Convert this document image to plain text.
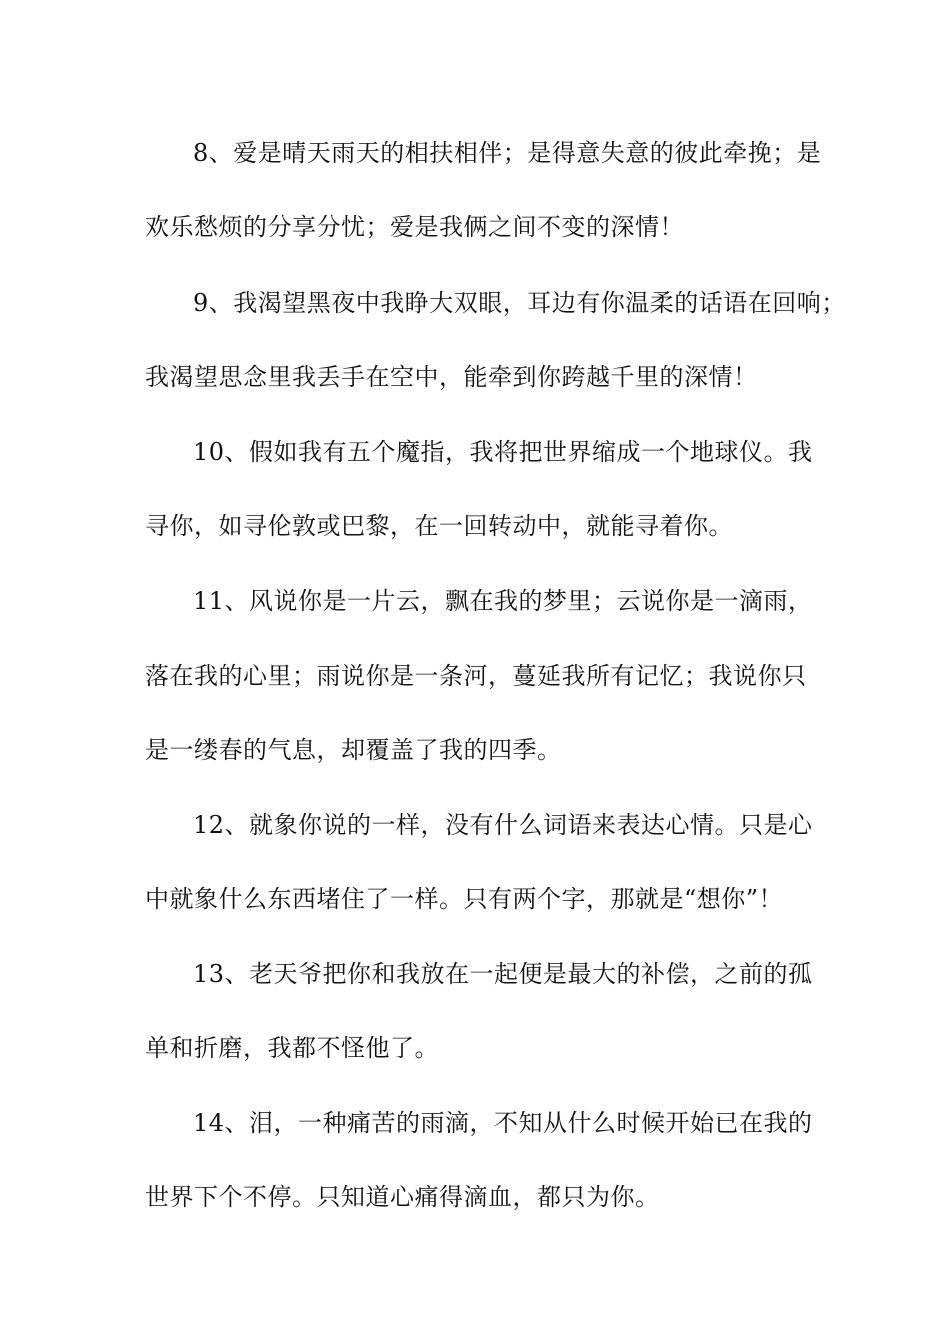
8、爱是晴天雨天的相扶相伴；是得意失意的彼此牵挽；是
欢乐愁烦的分享分忧；爱是我俩之间不变的深情！
9、我渴望黑夜中我睁大双眼，耳边有你温柔的话语在回响；
我渴望思念里我丢手在空中，能牵到你跨越千里的深情！
10、假如我有五个魔指，我将把世界缩成一个地球仪。我
寻你，如寻伦敦或巴黎，在一回转动中，就能寻着你。
11、风说你是一片云，飘在我的梦里；云说你是一滴雨，
落在我的心里；雨说你是一条河，蔓延我所有记忆；我说你只
是一缕春的气息，却覆盖了我的四季。
12、就象你说的一样，没有什么词语来表达心情。只是心
中就象什么东西堵住了一样。只有两个字，那就是“想你”！
13、老天爷把你和我放在一起便是最大的补偿，之前的孤
单和折磨，我都不怪他了。
14、泪，一种痛苦的雨滴，不知从什么时候开始已在我的
世界下个不停。只知道心痛得滴血，都只为你。
